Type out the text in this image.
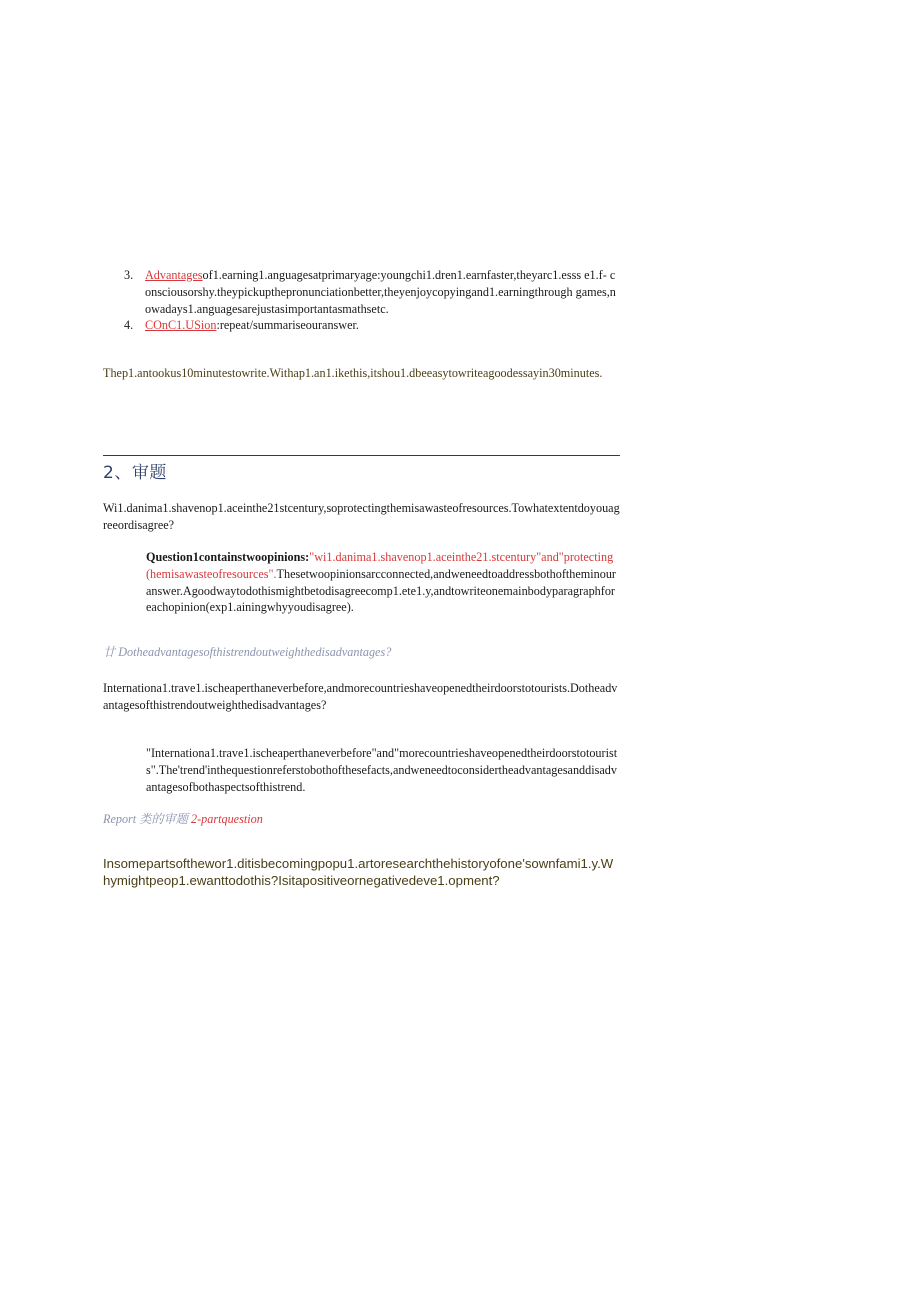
3. Advantagesof1.earning1.anguagesatprimaryage:youngchi1.dren1.earnfaster,theyarc1.esss e1.f- consciousorshy.theypickupthepronunciationbetter,theyenjoycopyingand1.earningthrough games,nowadays1.anguagesarejustasimportantasmathsetc.
4. COnC1.USion:repeat/summariseouranswer.
Thep1.antookus10minutestowrite.Withap1.an1.ikethis,itshou1.dbeeasytowriteagoodessayin30minutes.
2、审题
Wi1.danima1.shavenop1.aceinthe21stcentury,soprotectingthemisawasteofresources.Towhatextentdoyouagreeordisagree?
Question1containstwoopinions:"wi1.danima1.shavenop1.aceinthe21.stcentury"and"protecting(hemisawasteofresources".Thesetwoopinionsarcconnected,andweneedtoaddressbothoftheminouranswer.Agoodwaytodothismightbetodisagreecomp1.ete1.y,andtowriteonemainbodyparagraphforeachopinion(exp1.ainingwhyyoudisagree).
廿 Dotheadvantagesofthistrendoutweighthedisadvantages?
Internationa1.trave1.ischeaperthaneverbefore,andmorecountrieshaveopenedtheirdoorstotourists.Dotheadvantagesofthistrendoutweighthedisadvantages?
"Internationa1.trave1.ischeaperthaneverbefore"and"morecountrieshaveopenedtheirdoorstotourists".The'trend'inthequestionreferstobothofthesefacts,andweneedtoconsidertheadvantagesanddisadvantagesofbothaspectsofthistrend.
Report 类的审题 2-partquestion
Insomepartsofthewor1.ditisbecomingpopu1.artoresearchthehistoryofone'sownfami1.y.Whymightpeop1.ewanttodothis?Isitapositiveornegativedeve1.opment?
